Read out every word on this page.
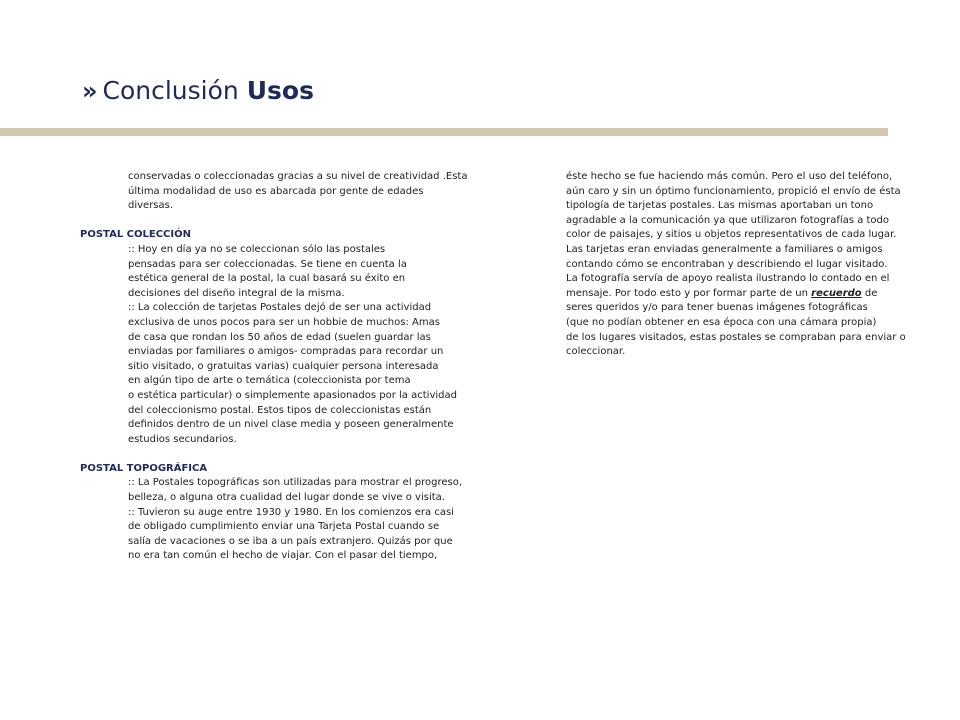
» Conclusión Usos
conservadas o coleccionadas gracias a su nivel de creatividad .Esta
última modalidad de uso es abarcada por gente de edades
diversas.
POSTAL COLECCIÓN
:: Hoy en día ya no se coleccionan sólo las postales
pensadas para ser coleccionadas. Se tiene en cuenta la
estética general de la postal, la cual basará su éxito en
decisiones del diseño integral de la misma.
:: La colección de tarjetas Postales dejó de ser una actividad
exclusiva de unos pocos para ser un hobbie de muchos: Amas
de casa que rondan los 50 años de edad (suelen guardar las
enviadas por familiares o amigos- compradas para recordar un
sitio visitado, o gratuitas varias) cualquier persona interesada
en algún tipo de arte o temática (coleccionista por tema
o estética particular) o simplemente apasionados por la actividad
del coleccionismo postal. Estos tipos de coleccionistas están
definidos dentro de un nivel clase media y poseen generalmente
estudios secundarios.
POSTAL TOPOGRÁFICA
:: La Postales topográficas son utilizadas para mostrar el progreso,
belleza, o alguna otra cualidad del lugar donde se vive o visita.
:: Tuvieron su auge entre 1930 y 1980. En los comienzos era casi
de obligado cumplimiento enviar una Tarjeta Postal cuando se
salía de vacaciones o se iba a un país extranjero. Quizás por que
no era tan común el hecho de viajar. Con el pasar del tiempo,
éste hecho se fue haciendo más común. Pero el uso del teléfono,
aún caro y sin un óptimo funcionamiento, propició el envío de ésta
tipología de tarjetas postales. Las mismas aportaban un tono
agradable a la comunicación ya que utilizaron fotografías a todo
color de paisajes, y sitios u objetos representativos de cada lugar.
Las tarjetas eran enviadas generalmente a familiares o amigos
contando cómo se encontraban y describiendo el lugar visitado.
La fotografía servía de apoyo realista ilustrando lo contado en el
mensaje. Por todo esto y por formar parte de un recuerdo de
seres queridos y/o para tener buenas imágenes fotográficas
(que no podían obtener en esa época con una cámara propia)
de los lugares visitados, estas postales se compraban para enviar o
coleccionar.
